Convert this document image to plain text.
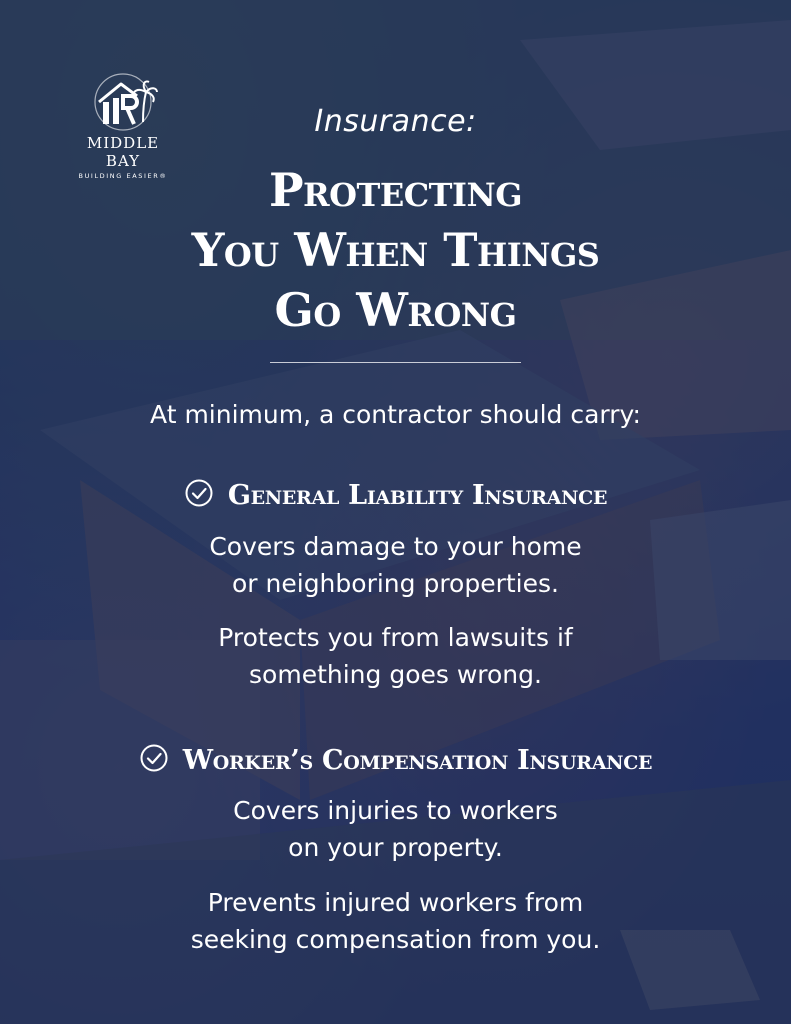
MIDDLE BAY
BUILDING EASIER®
Insurance:
Protecting
You When Things
Go Wrong
At minimum, a contractor should carry:
General Liability Insurance
Covers damage to your home
or neighboring properties.
Protects you from lawsuits if
something goes wrong.
Worker’s Compensation Insurance
Covers injuries to workers
on your property.
Prevents injured workers from
seeking compensation from you.
